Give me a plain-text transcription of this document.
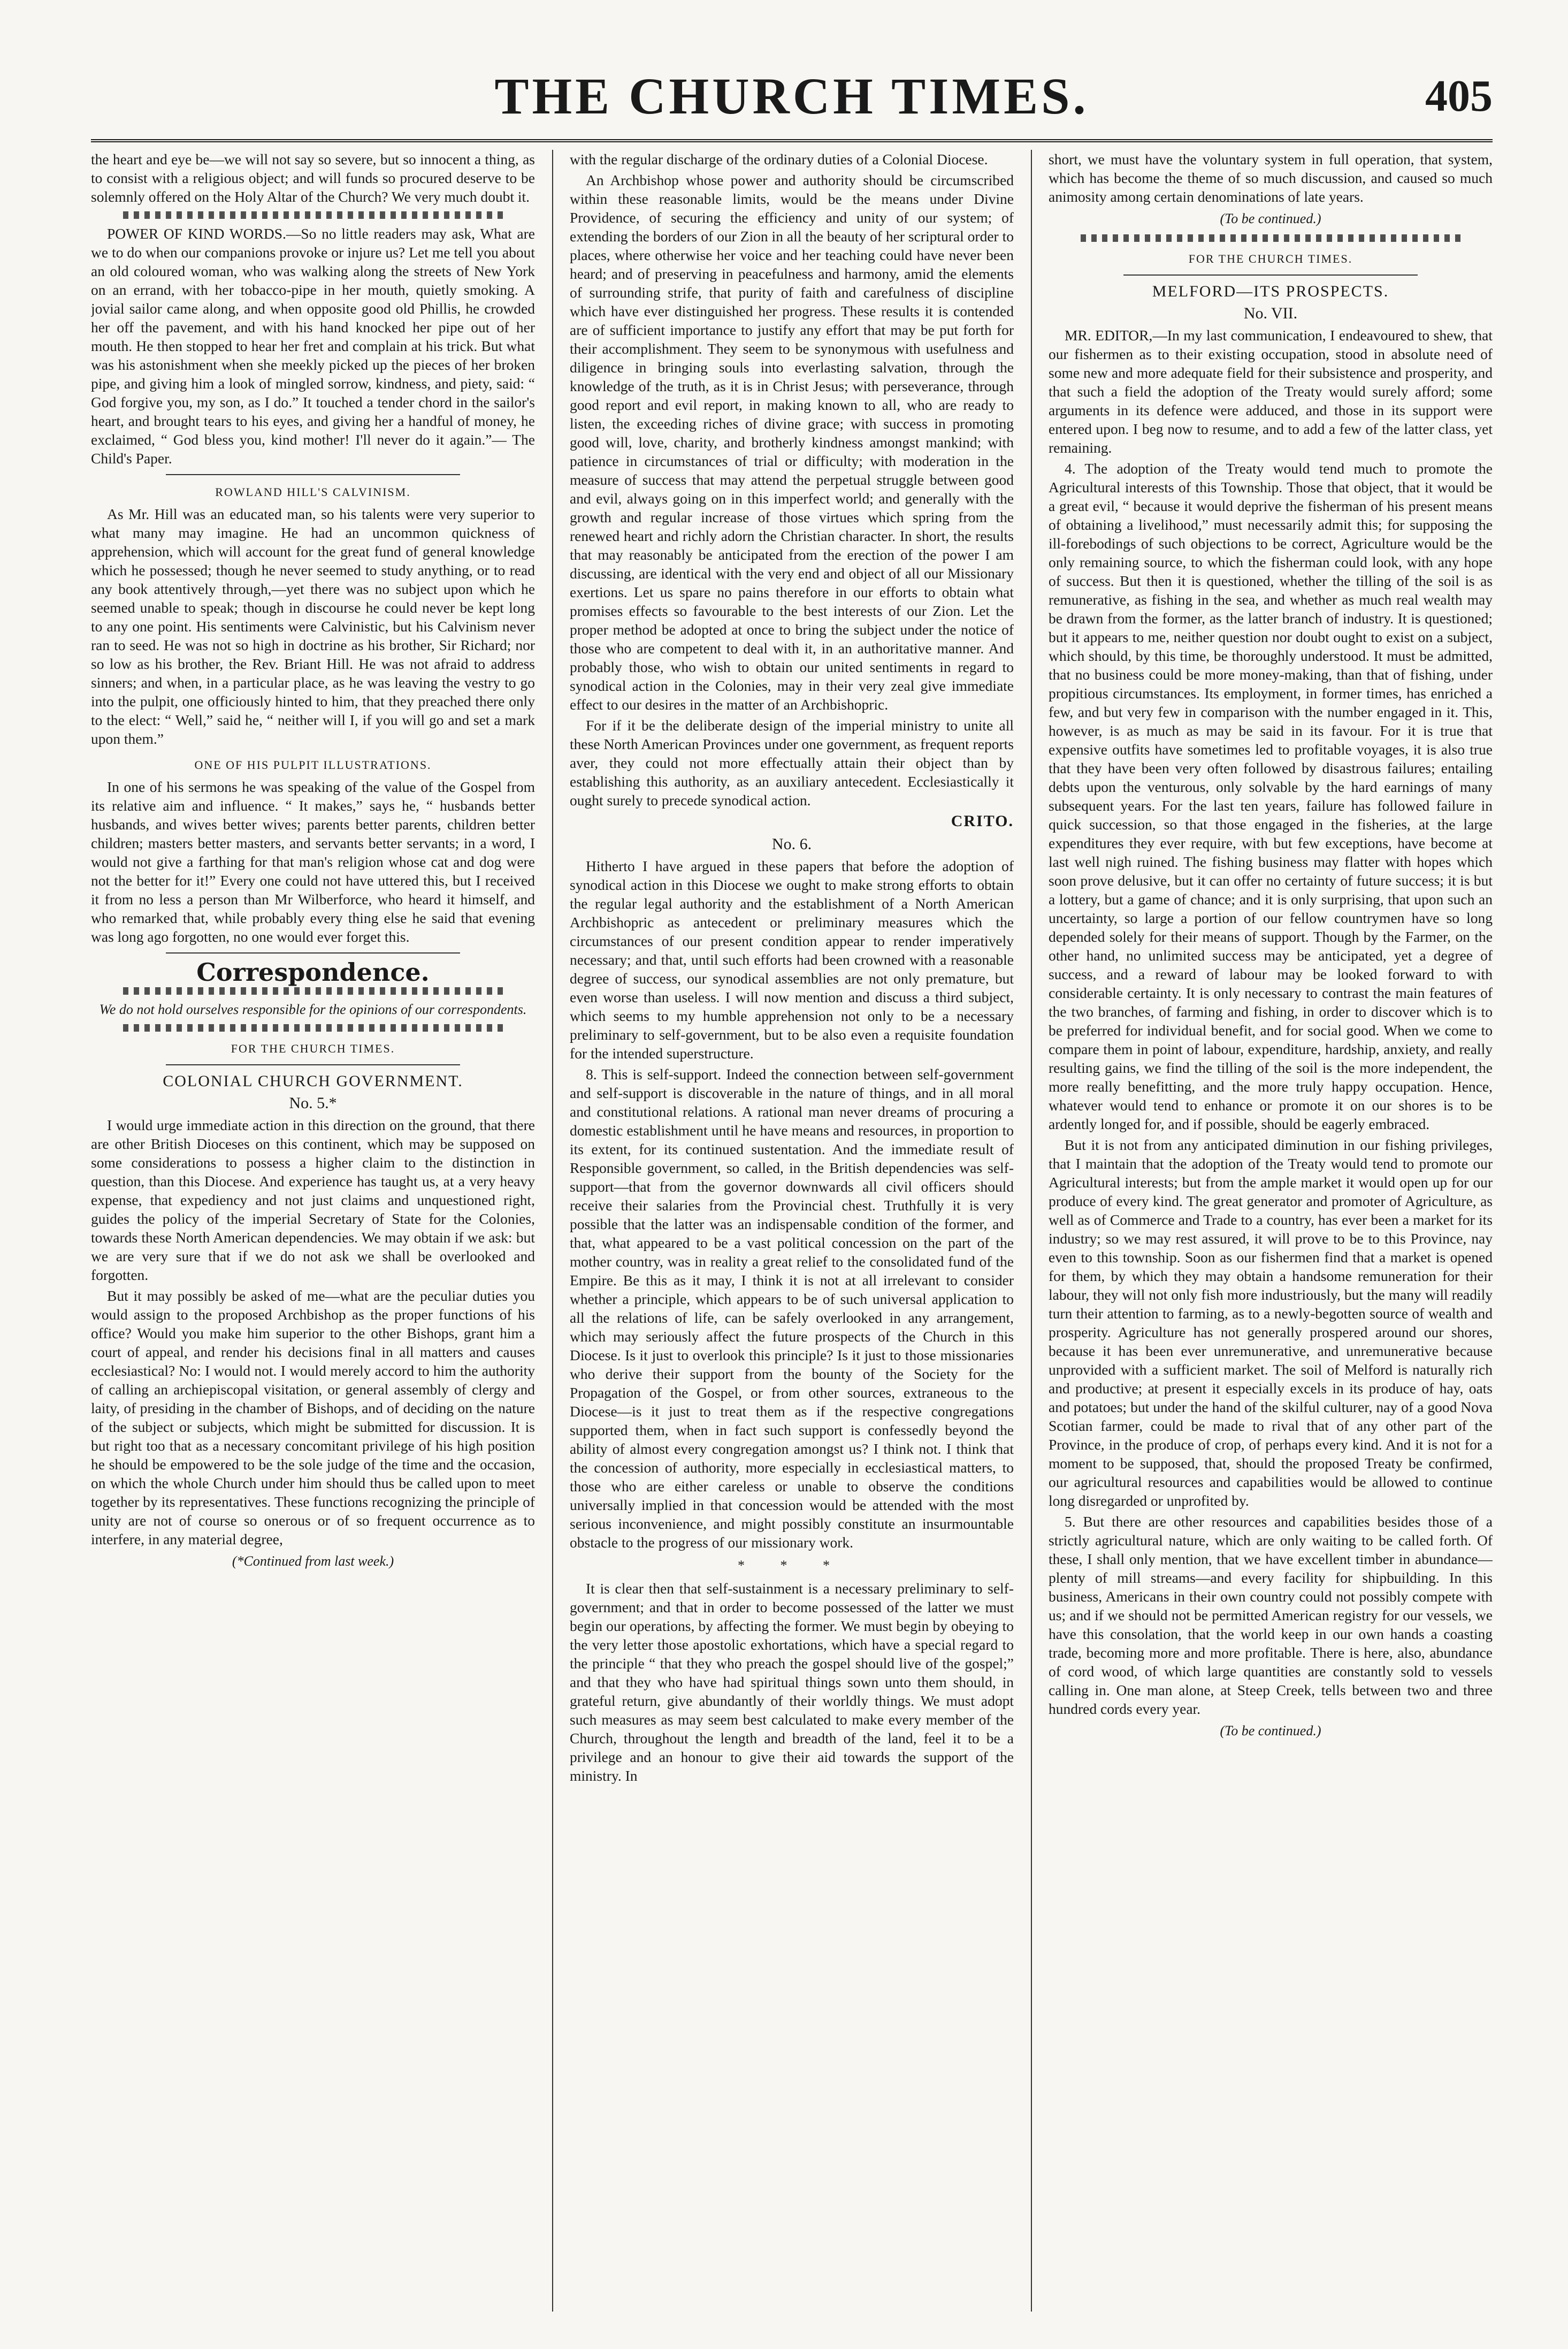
THE CHURCH TIMES.	405

the heart and eye be—we will not say so severe, but so innocent a thing, as to consist with a religious object; and will funds so procured deserve to be solemnly offered on the Holy Altar of the Church? We very much doubt it.

POWER OF KIND WORDS.—So no little readers may ask, What are we to do when our companions provoke or injure us? Let me tell you about an old coloured woman, who was walking along the streets of New York on an errand, with her tobacco-pipe in her mouth, quietly smoking. A jovial sailor came along, and when opposite good old Phillis, he crowded her off the pavement, and with his hand knocked her pipe out of her mouth. He then stopped to hear her fret and complain at his trick. But what was his astonishment when she meekly picked up the pieces of her broken pipe, and giving him a look of mingled sorrow, kindness, and piety, said: “ God forgive you, my son, as I do.” It touched a tender chord in the sailor's heart, and brought tears to his eyes, and giving her a handful of money, he exclaimed, “ God bless you, kind mother! I'll never do it again.”— The Child's Paper.

ROWLAND HILL'S CALVINISM.

As Mr. Hill was an educated man, so his talents were very superior to what many may imagine. He had an uncommon quickness of apprehension, which will account for the great fund of general knowledge which he possessed; though he never seemed to study anything, or to read any book attentively through,—yet there was no subject upon which he seemed unable to speak; though in discourse he could never be kept long to any one point. His sentiments were Calvinistic, but his Calvinism never ran to seed. He was not so high in doctrine as his brother, Sir Richard; nor so low as his brother, the Rev. Briant Hill. He was not afraid to address sinners; and when, in a particular place, as he was leaving the vestry to go into the pulpit, one officiously hinted to him, that they preached there only to the elect: “ Well,” said he, “ neither will I, if you will go and set a mark upon them.”

ONE OF HIS PULPIT ILLUSTRATIONS.

In one of his sermons he was speaking of the value of the Gospel from its relative aim and influence. “ It makes,” says he, “ husbands better husbands, and wives better wives; parents better parents, children better children; masters better masters, and servants better servants; in a word, I would not give a farthing for that man's religion whose cat and dog were not the better for it!” Every one could not have uttered this, but I received it from no less a person than Mr Wilberforce, who heard it himself, and who remarked that, while probably every thing else he said that evening was long ago forgotten, no one would ever forget this.

Correspondence.
We do not hold ourselves responsible for the opinions of our correspondents.
FOR THE CHURCH TIMES.
COLONIAL CHURCH GOVERNMENT.
No. 5.*

I would urge immediate action in this direction on the ground, that there are other British Dioceses on this continent, which may be supposed on some considerations to possess a higher claim to the distinction in question, than this Diocese. And experience has taught us, at a very heavy expense, that expediency and not just claims and unquestioned right, guides the policy of the imperial Secretary of State for the Colonies, towards these North American dependencies. We may obtain if we ask: but we are very sure that if we do not ask we shall be overlooked and forgotten.

But it may possibly be asked of me—what are the peculiar duties you would assign to the proposed Archbishop as the proper functions of his office? Would you make him superior to the other Bishops, grant him a court of appeal, and render his decisions final in all matters and causes ecclesiastical? No: I would not. I would merely accord to him the authority of calling an archiepiscopal visitation, or general assembly of clergy and laity, of presiding in the chamber of Bishops, and of deciding on the nature of the subject or subjects, which might be submitted for discussion. It is but right too that as a necessary concomitant privilege of his high position he should be empowered to be the sole judge of the time and the occasion, on which the whole Church under him should thus be called upon to meet together by its representatives. These functions recognizing the principle of unity are not of course so onerous or of so frequent occurrence as to interfere, in any material degree,

(*Continued from last week.)

with the regular discharge of the ordinary duties of a Colonial Diocese.

An Archbishop whose power and authority should be circumscribed within these reasonable limits, would be the means under Divine Providence, of securing the efficiency and unity of our system; of extending the borders of our Zion in all the beauty of her scriptural order to places, where otherwise her voice and her teaching could have never been heard; and of preserving in peacefulness and harmony, amid the elements of surrounding strife, that purity of faith and carefulness of discipline which have ever distinguished her progress. These results it is contended are of sufficient importance to justify any effort that may be put forth for their accomplishment. They seem to be synonymous with usefulness and diligence in bringing souls into everlasting salvation, through the knowledge of the truth, as it is in Christ Jesus; with perseverance, through good report and evil report, in making known to all, who are ready to listen, the exceeding riches of divine grace; with success in promoting good will, love, charity, and brotherly kindness amongst mankind; with patience in circumstances of trial or difficulty; with moderation in the measure of success that may attend the perpetual struggle between good and evil, always going on in this imperfect world; and generally with the growth and regular increase of those virtues which spring from the renewed heart and richly adorn the Christian character. In short, the results that may reasonably be anticipated from the erection of the power I am discussing, are identical with the very end and object of all our Missionary exertions. Let us spare no pains therefore in our efforts to obtain what promises effects so favourable to the best interests of our Zion. Let the proper method be adopted at once to bring the subject under the notice of those who are competent to deal with it, in an authoritative manner. And probably those, who wish to obtain our united sentiments in regard to synodical action in the Colonies, may in their very zeal give immediate effect to our desires in the matter of an Archbishopric.

For if it be the deliberate design of the imperial ministry to unite all these North American Provinces under one government, as frequent reports aver, they could not more effectually attain their object than by establishing this authority, as an auxiliary antecedent. Ecclesiastically it ought surely to precede synodical action.

CRITO.
No. 6.

Hitherto I have argued in these papers that before the adoption of synodical action in this Diocese we ought to make strong efforts to obtain the regular legal authority and the establishment of a North American Archbishopric as antecedent or preliminary measures which the circumstances of our present condition appear to render imperatively necessary; and that, until such efforts had been crowned with a reasonable degree of success, our synodical assemblies are not only premature, but even worse than useless. I will now mention and discuss a third subject, which seems to my humble apprehension not only to be a necessary preliminary to self-government, but to be also even a requisite foundation for the intended superstructure.

8. This is self-support. Indeed the connection between self-government and self-support is discoverable in the nature of things, and in all moral and constitutional relations. A rational man never dreams of procuring a domestic establishment until he have means and resources, in proportion to its extent, for its continued sustentation. And the immediate result of Responsible government, so called, in the British dependencies was self-support—that from the governor downwards all civil officers should receive their salaries from the Provincial chest. Truthfully it is very possible that the latter was an indispensable condition of the former, and that, what appeared to be a vast political concession on the part of the mother country, was in reality a great relief to the consolidated fund of the Empire. Be this as it may, I think it is not at all irrelevant to consider whether a principle, which appears to be of such universal application to all the relations of life, can be safely overlooked in any arrangement, which may seriously affect the future prospects of the Church in this Diocese. Is it just to overlook this principle? Is it just to those missionaries who derive their support from the bounty of the Society for the Propagation of the Gospel, or from other sources, extraneous to the Diocese—is it just to treat them as if the respective congregations supported them, when in fact such support is confessedly beyond the ability of almost every congregation amongst us? I think not. I think that the concession of authority, more especially in ecclesiastical matters, to those who are either careless or unable to observe the conditions universally implied in that concession would be attended with the most serious inconvenience, and might possibly constitute an insurmountable obstacle to the progress of our missionary work.

* * *

It is clear then that self-sustainment is a necessary preliminary to self-government; and that in order to become possessed of the latter we must begin our operations, by affecting the former. We must begin by obeying to the very letter those apostolic exhortations, which have a special regard to the principle “ that they who preach the gospel should live of the gospel;” and that they who have had spiritual things sown unto them should, in grateful return, give abundantly of their worldly things. We must adopt such measures as may seem best calculated to make every member of the Church, throughout the length and breadth of the land, feel it to be a privilege and an honour to give their aid towards the support of the ministry. In

short, we must have the voluntary system in full operation, that system, which has become the theme of so much discussion, and caused so much animosity among certain denominations of late years.

(To be continued.)
FOR THE CHURCH TIMES.
MELFORD—ITS PROSPECTS.
No. VII.

MR. EDITOR,—In my last communication, I endeavoured to shew, that our fishermen as to their existing occupation, stood in absolute need of some new and more adequate field for their subsistence and prosperity, and that such a field the adoption of the Treaty would surely afford; some arguments in its defence were adduced, and those in its support were entered upon. I beg now to resume, and to add a few of the latter class, yet remaining.

4. The adoption of the Treaty would tend much to promote the Agricultural interests of this Township. Those that object, that it would be a great evil, “ because it would deprive the fisherman of his present means of obtaining a livelihood,” must necessarily admit this; for supposing the ill-forebodings of such objections to be correct, Agriculture would be the only remaining source, to which the fisherman could look, with any hope of success. But then it is questioned, whether the tilling of the soil is as remunerative, as fishing in the sea, and whether as much real wealth may be drawn from the former, as the latter branch of industry. It is questioned; but it appears to me, neither question nor doubt ought to exist on a subject, which should, by this time, be thoroughly understood. It must be admitted, that no business could be more money-making, than that of fishing, under propitious circumstances. Its employment, in former times, has enriched a few, and but very few in comparison with the number engaged in it. This, however, is as much as may be said in its favour. For it is true that expensive outfits have sometimes led to profitable voyages, it is also true that they have been very often followed by disastrous failures; entailing debts upon the venturous, only solvable by the hard earnings of many subsequent years. For the last ten years, failure has followed failure in quick succession, so that those engaged in the fisheries, at the large expenditures they ever require, with but few exceptions, have become at last well nigh ruined. The fishing business may flatter with hopes which soon prove delusive, but it can offer no certainty of future success; it is but a lottery, but a game of chance; and it is only surprising, that upon such an uncertainty, so large a portion of our fellow countrymen have so long depended solely for their means of support. Though by the Farmer, on the other hand, no unlimited success may be anticipated, yet a degree of success, and a reward of labour may be looked forward to with considerable certainty. It is only necessary to contrast the main features of the two branches, of farming and fishing, in order to discover which is to be preferred for individual benefit, and for social good. When we come to compare them in point of labour, expenditure, hardship, anxiety, and really resulting gains, we find the tilling of the soil is the more independent, the more really benefitting, and the more truly happy occupation. Hence, whatever would tend to enhance or promote it on our shores is to be ardently longed for, and if possible, should be eagerly embraced.

But it is not from any anticipated diminution in our fishing privileges, that I maintain that the adoption of the Treaty would tend to promote our Agricultural interests; but from the ample market it would open up for our produce of every kind. The great generator and promoter of Agriculture, as well as of Commerce and Trade to a country, has ever been a market for its industry; so we may rest assured, it will prove to be to this Province, nay even to this township. Soon as our fishermen find that a market is opened for them, by which they may obtain a handsome remuneration for their labour, they will not only fish more industriously, but the many will readily turn their attention to farming, as to a newly-begotten source of wealth and prosperity. Agriculture has not generally prospered around our shores, because it has been ever unremunerative, and unremunerative because unprovided with a sufficient market. The soil of Melford is naturally rich and productive; at present it especially excels in its produce of hay, oats and potatoes; but under the hand of the skilful culturer, nay of a good Nova Scotian farmer, could be made to rival that of any other part of the Province, in the produce of crop, of perhaps every kind. And it is not for a moment to be supposed, that, should the proposed Treaty be confirmed, our agricultural resources and capabilities would be allowed to continue long disregarded or unprofited by.

5. But there are other resources and capabilities besides those of a strictly agricultural nature, which are only waiting to be called forth. Of these, I shall only mention, that we have excellent timber in abundance—plenty of mill streams—and every facility for shipbuilding. In this business, Americans in their own country could not possibly compete with us; and if we should not be permitted American registry for our vessels, we have this consolation, that the world keep in our own hands a coasting trade, becoming more and more profitable. There is here, also, abundance of cord wood, of which large quantities are constantly sold to vessels calling in. One man alone, at Steep Creek, tells between two and three hundred cords every year.

(To be continued.)
